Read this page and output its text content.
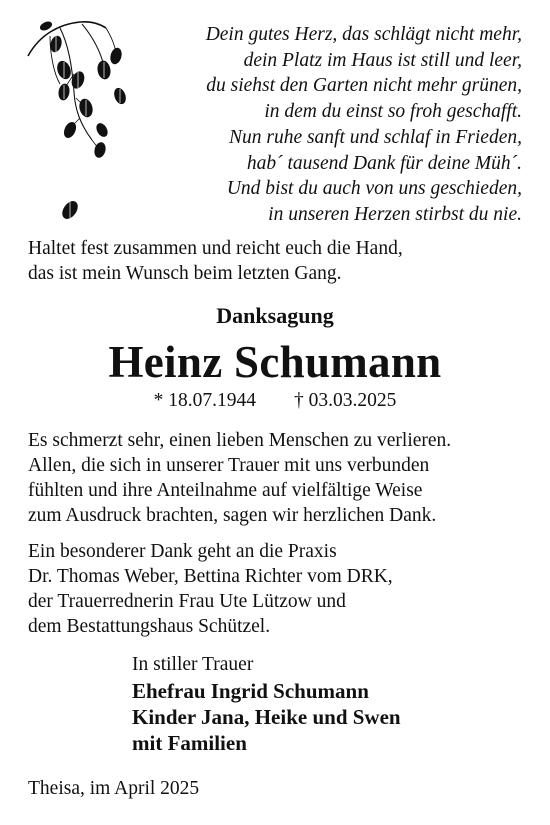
Dein gutes Herz, das schlägt nicht mehr,
dein Platz im Haus ist still und leer,
du siehst den Garten nicht mehr grünen,
in dem du einst so froh geschafft.
Nun ruhe sanft und schlaf in Frieden,
hab´ tausend Dank für deine Müh´.
Und bist du auch von uns geschieden,
in unseren Herzen stirbst du nie.
Haltet fest zusammen und reicht euch die Hand,
das ist mein Wunsch beim letzten Gang.
Danksagung
Heinz Schumann
* 18.07.1944 † 03.03.2025
Es schmerzt sehr, einen lieben Menschen zu verlieren.
Allen, die sich in unserer Trauer mit uns verbunden
fühlten und ihre Anteilnahme auf vielfältige Weise
zum Ausdruck brachten, sagen wir herzlichen Dank.
Ein besonderer Dank geht an die Praxis
Dr. Thomas Weber, Bettina Richter vom DRK,
der Trauerrednerin Frau Ute Lützow und
dem Bestattungshaus Schützel.
In stiller Trauer
Ehefrau Ingrid Schumann
Kinder Jana, Heike und Swen
mit Familien
Theisa, im April 2025
